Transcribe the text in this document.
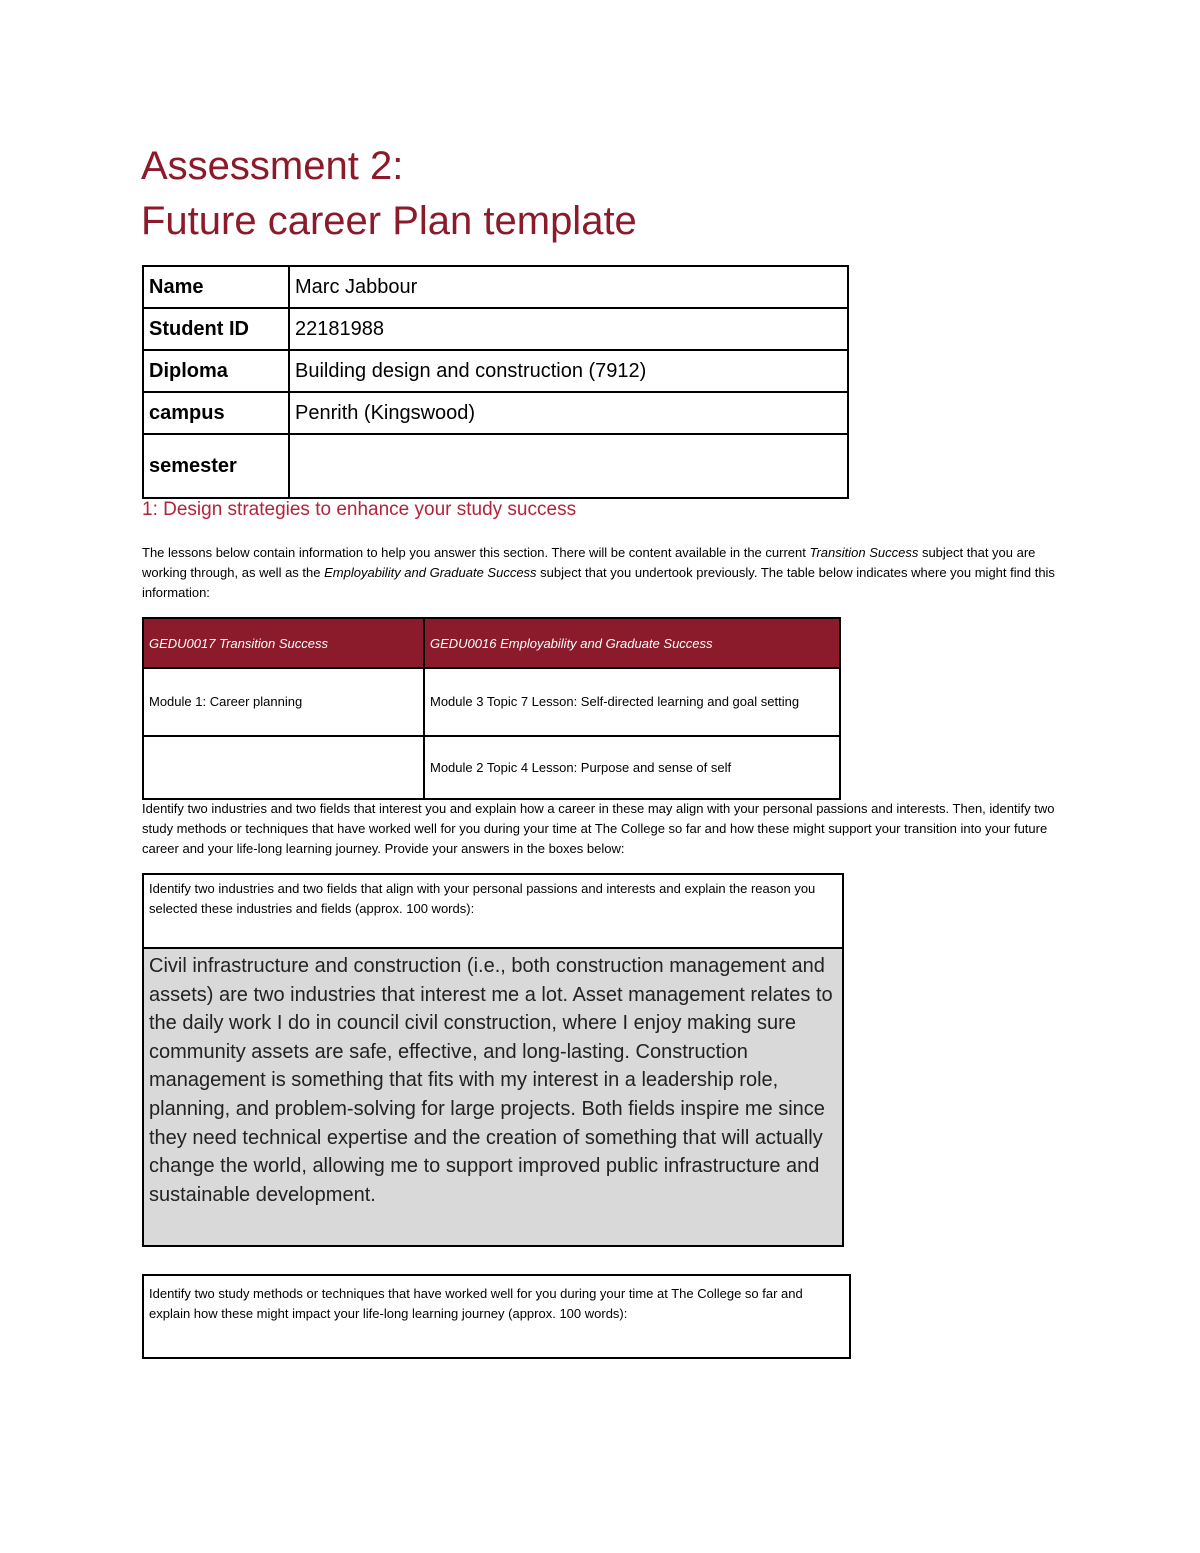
Assessment 2:
Future career Plan template
Name	Marc Jabbour
Student ID	22181988
Diploma	Building design and construction (7912)
campus	Penrith (Kingswood)
semester	
1: Design strategies to enhance your study success

The lessons below contain information to help you answer this section. There will be content available in the current Transition Success subject that you are working through, as well as the Employability and Graduate Success subject that you undertook previously. The table below indicates where you might find this information:

GEDU0017 Transition Success	GEDU0016 Employability and Graduate Success
Module 1: Career planning	Module 3 Topic 7 Lesson: Self-directed learning and goal setting
	Module 2 Topic 4 Lesson: Purpose and sense of self

Identify two industries and two fields that interest you and explain how a career in these may align with your personal passions and interests. Then, identify two study methods or techniques that have worked well for you during your time at The College so far and how these might support your transition into your future career and your life-long learning journey. Provide your answers in the boxes below:

Identify two industries and two fields that align with your personal passions and interests and explain the reason you selected these industries and fields (approx. 100 words):
Civil infrastructure and construction (i.e., both construction management and assets) are two industries that interest me a lot. Asset management relates to the daily work I do in council civil construction, where I enjoy making sure community assets are safe, effective, and long-lasting. Construction management is something that fits with my interest in a leadership role, planning, and problem-solving for large projects. Both fields inspire me since they need technical expertise and the creation of something that will actually change the world, allowing me to support improved public infrastructure and sustainable development.
Identify two study methods or techniques that have worked well for you during your time at The College so far and explain how these might impact your life-long learning journey (approx. 100 words):
